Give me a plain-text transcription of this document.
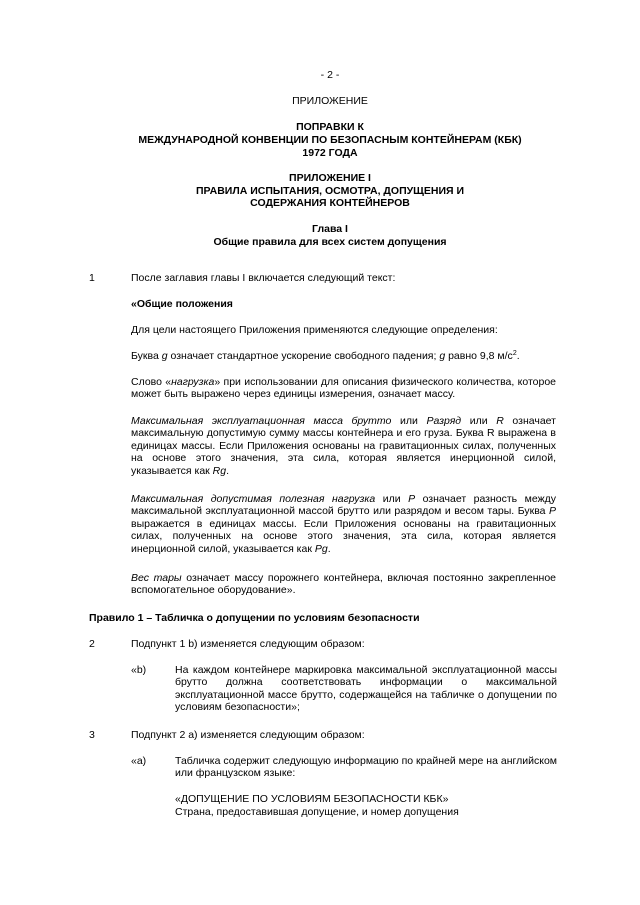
- 2 -
ПРИЛОЖЕНИЕ
ПОПРАВКИ К
МЕЖДУНАРОДНОЙ КОНВЕНЦИИ ПО БЕЗОПАСНЫМ КОНТЕЙНЕРАМ (КБК)
1972 ГОДА
ПРИЛОЖЕНИЕ I
ПРАВИЛА ИСПЫТАНИЯ, ОСМОТРА, ДОПУЩЕНИЯ И
СОДЕРЖАНИЯ КОНТЕЙНЕРОВ
Глава I
Общие правила для всех систем допущения
1	После заглавия главы I включается следующий текст:
«Общие положения
Для цели настоящего Приложения применяются следующие определения:
Буква g означает стандартное ускорение свободного падения; g равно 9,8 $м/с^2$.
Слово «нагрузка» при использовании для описания физического количества, которое может быть выражено через единицы измерения, означает массу.
Максимальная эксплуатационная масса брутто или Разряд или R означает максимальную допустимую сумму массы контейнера и его груза. Буква R выражена в единицах массы. Если Приложения основаны на гравитационных силах, полученных на основе этого значения, эта сила, которая является инерционной силой, указывается как Rg.
Максимальная допустимая полезная нагрузка или P означает разность между максимальной эксплуатационной массой брутто или разрядом и весом тары. Буква P выражается в единицах массы. Если Приложения основаны на гравитационных силах, полученных на основе этого значения, эта сила, которая является инерционной силой, указывается как Pg.
Вес тары означает массу порожнего контейнера, включая постоянно закрепленное вспомогательное оборудование».
Правило 1 – Табличка о допущении по условиям безопасности
2	Подпункт 1 b) изменяется следующим образом:
«b)	На каждом контейнере маркировка максимальной эксплуатационной массы брутто должна соответствовать информации о максимальной эксплуатационной массе брутто, содержащейся на табличке о допущении по условиям безопасности»;
3	Подпункт 2 a) изменяется следующим образом:
«a)	Табличка содержит следующую информацию по крайней мере на английском или французском языке:
«ДОПУЩЕНИЕ ПО УСЛОВИЯМ БЕЗОПАСНОСТИ КБК»
Страна, предоставившая допущение, и номер допущения
